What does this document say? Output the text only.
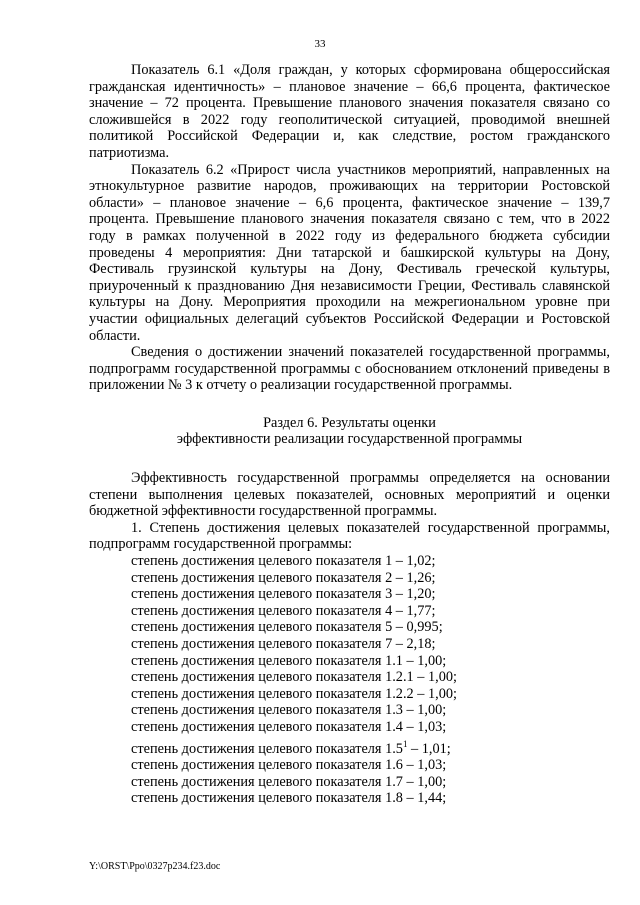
33

Показатель 6.1 «Доля граждан, у которых сформирована общероссийская гражданская идентичность» – плановое значение – 66,6 процента, фактическое значение – 72 процента. Превышение планового значения показателя связано со сложившейся в 2022 году геополитической ситуацией, проводимой внешней политикой Российской Федерации и, как следствие, ростом гражданского патриотизма.

Показатель 6.2 «Прирост числа участников мероприятий, направленных на этнокультурное развитие народов, проживающих на территории Ростовской области» – плановое значение – 6,6 процента, фактическое значение – 139,7 процента. Превышение планового значения показателя связано с тем, что в 2022 году в рамках полученной в 2022 году из федерального бюджета субсидии проведены 4 мероприятия: Дни татарской и башкирской культуры на Дону, Фестиваль грузинской культуры на Дону, Фестиваль греческой культуры, приуроченный к празднованию Дня независимости Греции, Фестиваль славянской культуры на Дону. Мероприятия проходили на межрегиональном уровне при участии официальных делегаций субъектов Российской Федерации и Ростовской области.

Сведения о достижении значений показателей государственной программы, подпрограмм государственной программы с обоснованием отклонений приведены в приложении № 3 к отчету о реализации государственной программы.

Раздел 6. Результаты оценки
эффективности реализации государственной программы

Эффективность государственной программы определяется на основании степени выполнения целевых показателей, основных мероприятий и оценки бюджетной эффективности государственной программы.

1. Степень достижения целевых показателей государственной программы, подпрограмм государственной программы:

степень достижения целевого показателя 1 – 1,02;
степень достижения целевого показателя 2 – 1,26;
степень достижения целевого показателя 3 – 1,20;
степень достижения целевого показателя 4 – 1,77;
степень достижения целевого показателя 5 – 0,995;
степень достижения целевого показателя 7 – 2,18;
степень достижения целевого показателя 1.1 – 1,00;
степень достижения целевого показателя 1.2.1 – 1,00;
степень достижения целевого показателя 1.2.2 – 1,00;
степень достижения целевого показателя 1.3 – 1,00;
степень достижения целевого показателя 1.4 – 1,03;
степень достижения целевого показателя $1.5^1 - 1,01$;
степень достижения целевого показателя 1.6 – 1,03;
степень достижения целевого показателя 1.7 – 1,00;
степень достижения целевого показателя 1.8 – 1,44;
Y:\ORST\Ppo\0327p234.f23.doc
